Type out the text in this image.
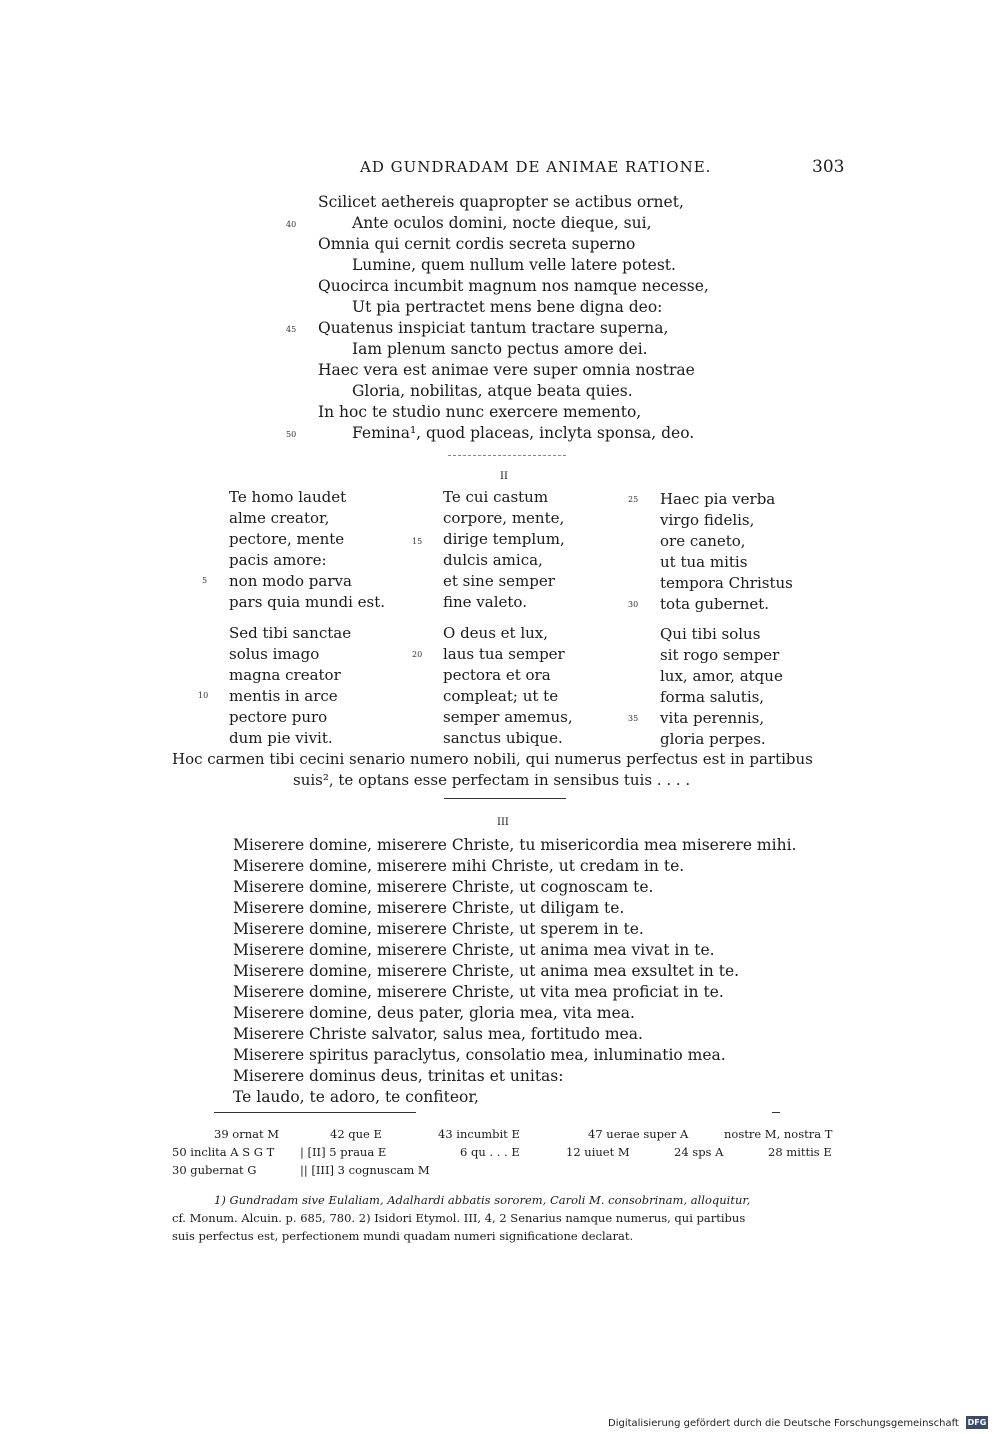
AD GUNDRADAM DE ANIMAE RATIONE.	303
Scilicet aethereis quapropter se actibus ornet,
Ante oculos domini, nocte dieque, sui,
Omnia qui cernit cordis secreta superno
Lumine, quem nullum velle latere potest.
Quocirca incumbit magnum nos namque necesse,
Ut pia pertractet mens bene digna deo:
Quatenus inspiciat tantum tractare superna,
Iam plenum sancto pectus amore dei.
Haec vera est animae vere super omnia nostrae
Gloria, nobilitas, atque beata quies.
In hoc te studio nunc exercere memento,
Femina¹, quod placeas, inclyta sponsa, deo.
40
45
50
II
Te homo laudet
alme creator,
pectore, mente
pacis amore:
non modo parva
pars quia mundi est.
Te cui castum
corpore, mente,
dirige templum,
dulcis amica,
et sine semper
fine valeto.
Haec pia verba
virgo fidelis,
ore caneto,
ut tua mitis
tempora Christus
tota gubernet.
Sed tibi sanctae
solus imago
magna creator
mentis in arce
pectore puro
dum pie vivit.
O deus et lux,
laus tua semper
pectora et ora
compleat; ut te
semper amemus,
sanctus ubique.
Qui tibi solus
sit rogo semper
lux, amor, atque
forma salutis,
vita perennis,
gloria perpes.
5
10
15
20
25
30
35
Hoc carmen tibi cecini senario numero nobili, qui numerus perfectus est in partibus
suis², te optans esse perfectam in sensibus tuis . . . .
III
Miserere domine, miserere Christe, tu misericordia mea miserere mihi.
Miserere domine, miserere mihi Christe, ut credam in te.
Miserere domine, miserere Christe, ut cognoscam te.
Miserere domine, miserere Christe, ut diligam te.
Miserere domine, miserere Christe, ut sperem in te.
Miserere domine, miserere Christe, ut anima mea vivat in te.
Miserere domine, miserere Christe, ut anima mea exsultet in te.
Miserere domine, miserere Christe, ut vita mea proficiat in te.
Miserere domine, deus pater, gloria mea, vita mea.
Miserere Christe salvator, salus mea, fortitudo mea.
Miserere spiritus paraclytus, consolatio mea, inluminatio mea.
Miserere dominus deus, trinitas et unitas:
Te laudo, te adoro, te confiteor,
39 ornat M	42 que E	43 incumbit E	47 uerae super A	nostre M, nostra T
50 inclita A S G T | [II] 5 praua E	6 qu . . . E	12 uiuet M	24 sps A	28 mittis E
30 gubernat G	|| [III] 3 cognuscam M
1) Gundradam sive Eulaliam, Adalhardi abbatis sororem, Caroli M. consobrinam, alloquitur,
cf. Monum. Alcuin. p. 685, 780. 2) Isidori Etymol. III, 4, 2 Senarius namque numerus, qui partibus
suis perfectus est, perfectionem mundi quadam numeri significatione declarat.
Digitalisierung gefördert durch die Deutsche Forschungsgemeinschaft DFG
